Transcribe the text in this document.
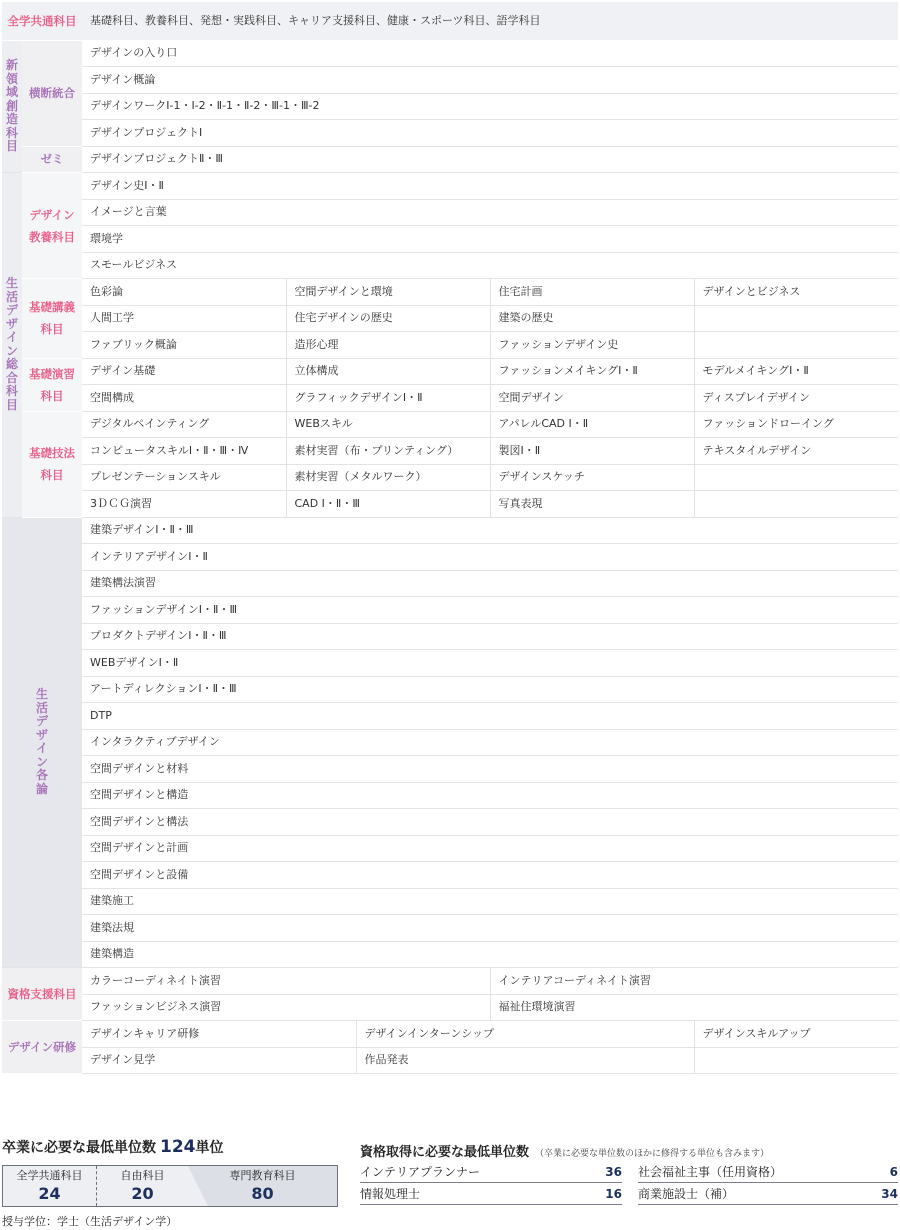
全学共通科目		基礎科目、教養科目、発想・実践科目、キャリア支援科目、健康・スポーツ科目、語学科目				
新領域創造科目	横断統合	デザインの入り口				
		デザイン概論				
		デザインワークⅠ-1・Ⅰ-2・Ⅱ-1・Ⅱ-2・Ⅲ-1・Ⅲ-2				
		デザインプロジェクトⅠ				
	ゼミ	デザインプロジェクトⅡ・Ⅲ				
生活デザイン総合科目	デザイン教養科目	デザイン史Ⅰ・Ⅱ				
		イメージと言葉				
		環境学				
		スモールビジネス				
	基礎講義科目	色彩論	空間デザインと環境		住宅計画	デザインとビジネス
		人間工学	住宅デザインの歴史		建築の歴史	
		ファブリック概論	造形心理		ファッションデザイン史	
	基礎演習科目	デザイン基礎	立体構成		ファッションメイキングⅠ・Ⅱ	モデルメイキングⅠ・Ⅱ
		空間構成	グラフィックデザインⅠ・Ⅱ		空間デザイン	ディスプレイデザイン
	基礎技法科目	デジタルペインティング	WEBスキル		アパレルCAD Ⅰ・Ⅱ	ファッションドローイング
		コンピュータスキルⅠ・Ⅱ・Ⅲ・Ⅳ	素材実習（布・プリンティング）		製図Ⅰ・Ⅱ	テキスタイルデザイン
		プレゼンテーションスキル	素材実習（メタルワーク）		デザインスケッチ	
		3ＤＣＧ演習	CAD Ⅰ・Ⅱ・Ⅲ		写真表現	
生活デザイン各論		建築デザインⅠ・Ⅱ・Ⅲ				
		インテリアデザインⅠ・Ⅱ				
		建築構法演習				
		ファッションデザインⅠ・Ⅱ・Ⅲ				
		プロダクトデザインⅠ・Ⅱ・Ⅲ				
		WEBデザインⅠ・Ⅱ				
		アートディレクションⅠ・Ⅱ・Ⅲ				
		DTP				
		インタラクティブデザイン				
		空間デザインと材料				
		空間デザインと構造				
		空間デザインと構法				
		空間デザインと計画				
		空間デザインと設備				
		建築施工				
		建築法規				
		建築構造				
資格支援科目		カラーコーディネイト演習			インテリアコーディネイト演習	
		ファッションビジネス演習			福祉住環境演習	
デザイン研修		デザインキャリア研修		デザインインターンシップ		デザインスキルアップ
		デザイン見学		作品発表		
卒業に必要な最低単位数 124単位
全学共通科目
24
自由科目
20
専門教育科目
80
授与学位：学士（生活デザイン学）
資格取得に必要な最低単位数 （卒業に必要な単位数のほかに修得する単位も含みます）
インテリアプランナー	36 社会福祉主事（任用資格）	6
情報処理士	16 商業施設士（補）	34
